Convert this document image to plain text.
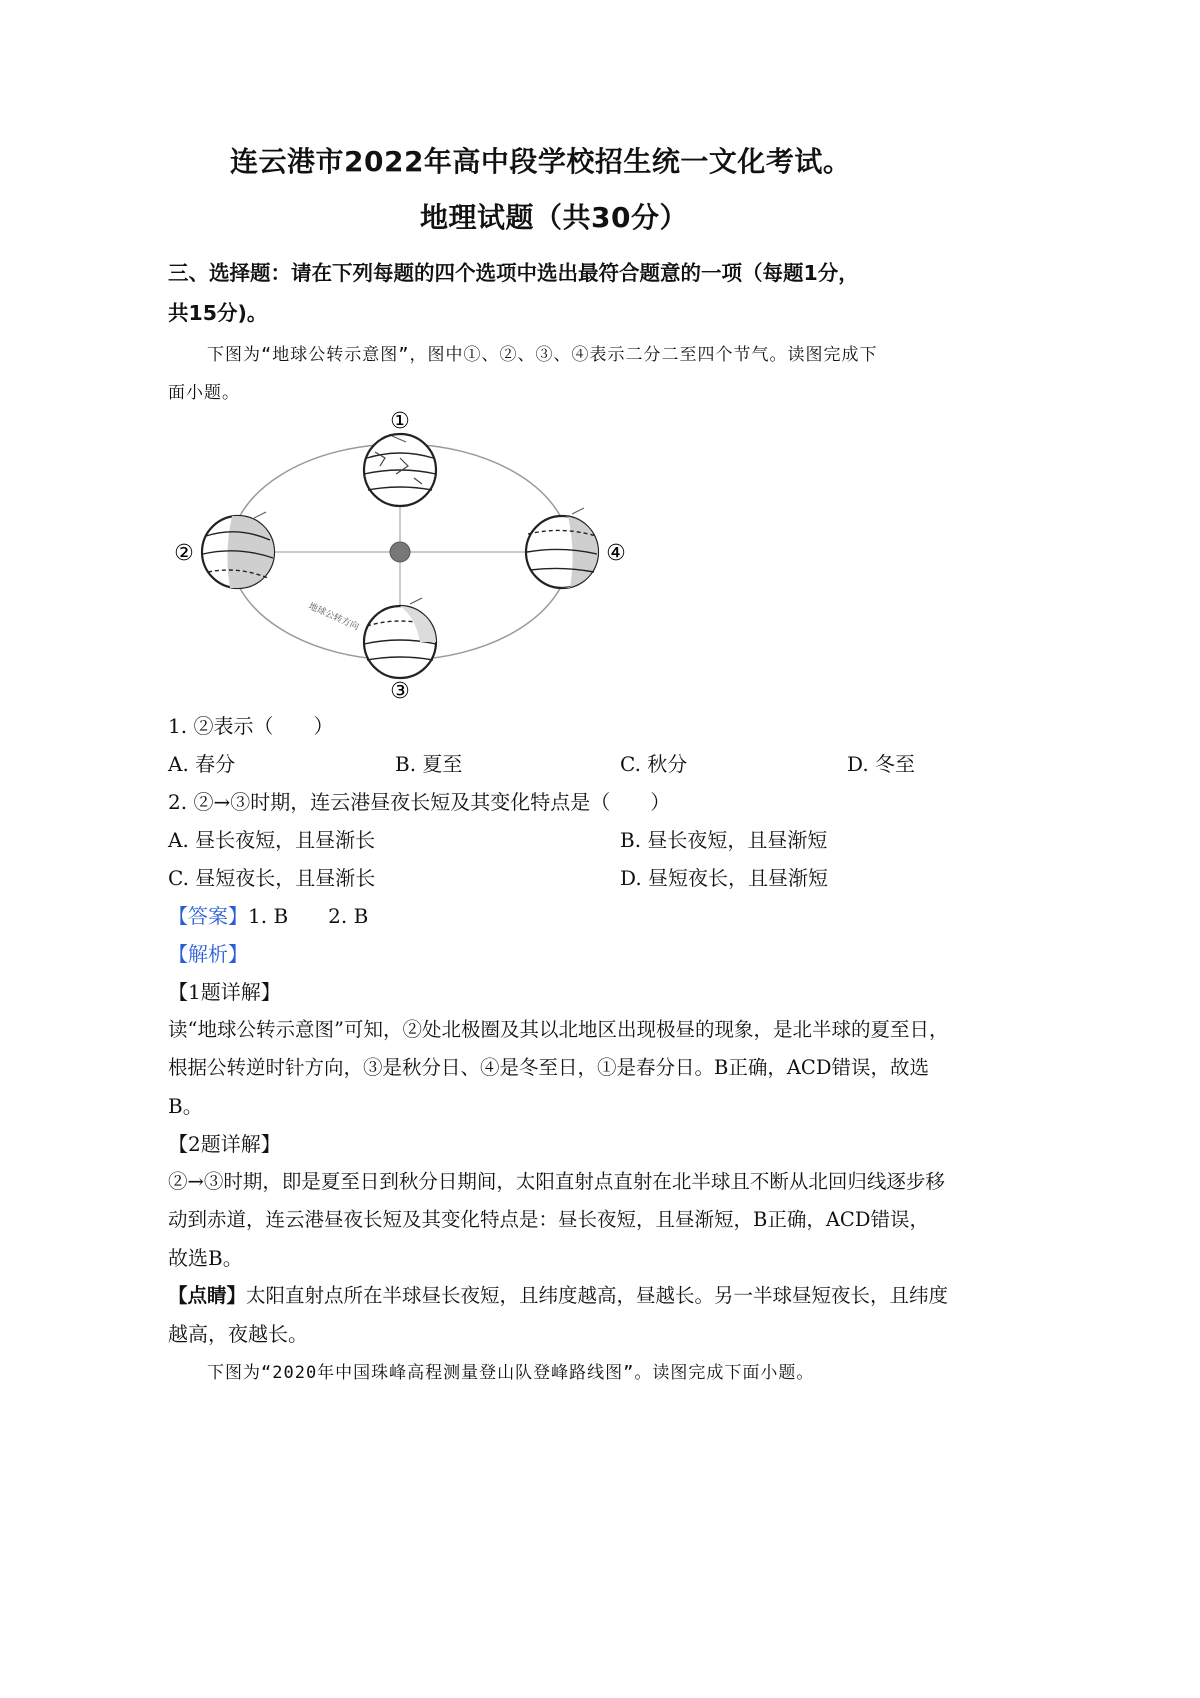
连云港市2022年高中段学校招生统一文化考试。
地理试题（共30分）
三、选择题：请在下列每题的四个选项中选出最符合题意的一项（每题1分，
共15分)。
下图为“地球公转示意图”，图中①、②、③、④表示二分二至四个节气。读图完成下
面小题。
①
②
③
④
地球公转方向
1. ②表示（　　）
A. 春分	B. 夏至	C. 秋分	D. 冬至
2. ②→③时期，连云港昼夜长短及其变化特点是（　　）
A. 昼长夜短，且昼渐长	B. 昼长夜短，且昼渐短
C. 昼短夜长，且昼渐长	D. 昼短夜长，且昼渐短
【答案】1. B　　2. B
【解析】
【1题详解】
读“地球公转示意图”可知，②处北极圈及其以北地区出现极昼的现象，是北半球的夏至日，
根据公转逆时针方向，③是秋分日、④是冬至日，①是春分日。B正确，ACD错误，故选
B。
【2题详解】
②→③时期，即是夏至日到秋分日期间，太阳直射点直射在北半球且不断从北回归线逐步移
动到赤道，连云港昼夜长短及其变化特点是：昼长夜短，且昼渐短，B正确，ACD错误，
故选B。
【点睛】太阳直射点所在半球昼长夜短，且纬度越高，昼越长。另一半球昼短夜长，且纬度
越高，夜越长。
下图为“2020年中国珠峰高程测量登山队登峰路线图”。读图完成下面小题。
